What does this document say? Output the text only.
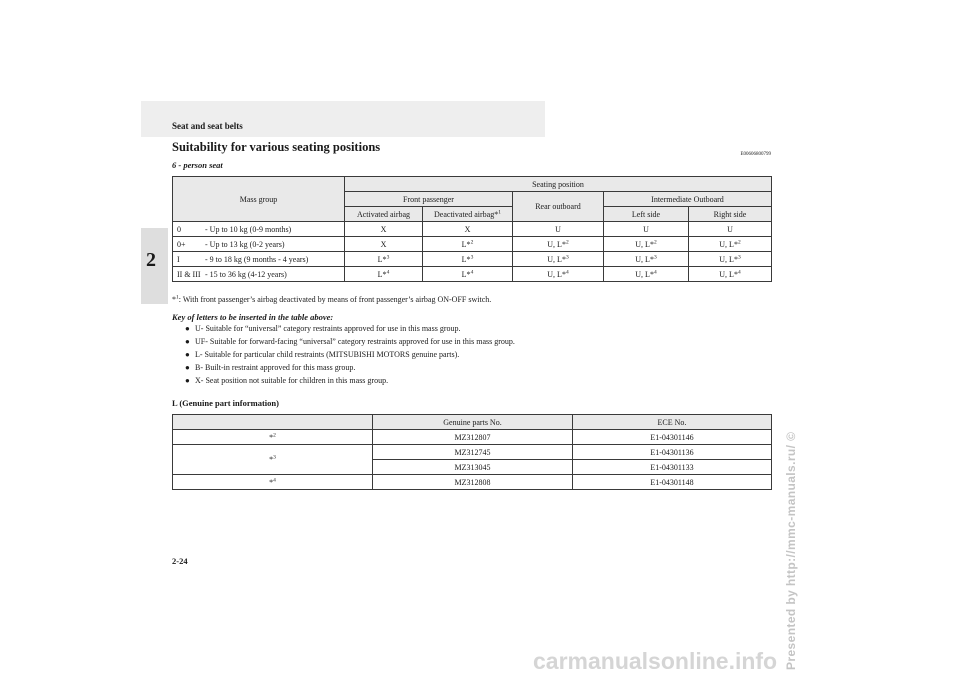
Seat and seat belts
Suitability for various seating positions
E00606800799
6 - person seat
2
Mass group	Seating position				
	Front passenger		Rear outboard	Intermediate Outboard	
	Activated airbag	Deactivated airbag*$^1$		Left side	Right side
0 - Up to 10 kg (0-9 months)	X	X	U	U	U
0+ - Up to 13 kg (0-2 years)	X	L*$^2$	U, L*$^2$	U, L*$^2$	U, L*$^2$
I - 9 to 18 kg (9 months - 4 years)	L*$^3$	L*$^3$	U, L*$^3$	U, L*$^3$	U, L*$^3$
II & III - 15 to 36 kg (4-12 years)	L*$^4$	L*$^4$	U, L*$^4$	U, L*$^4$	U, L*$^4$
*$^1$: With front passenger’s airbag deactivated by means of front passenger’s airbag ON-OFF switch.
Key of letters to be inserted in the table above:
● U- Suitable for “universal” category restraints approved for use in this mass group.
● UF- Suitable for forward-facing “universal” category restraints approved for use in this mass group.
● L- Suitable for particular child restraints (MITSUBISHI MOTORS genuine parts).
● B- Built-in restraint approved for this mass group.
● X- Seat position not suitable for children in this mass group.
L (Genuine part information)
	Genuine parts No.	ECE No.
*$^2$	MZ312807	E1-04301146
*$^3$	MZ312745	E1-04301136
	MZ313045	E1-04301133
*$^4$	MZ312808	E1-04301148
2-24	Presented by http://mmc-manuals.ru/ ©
carmanualsonline.info
